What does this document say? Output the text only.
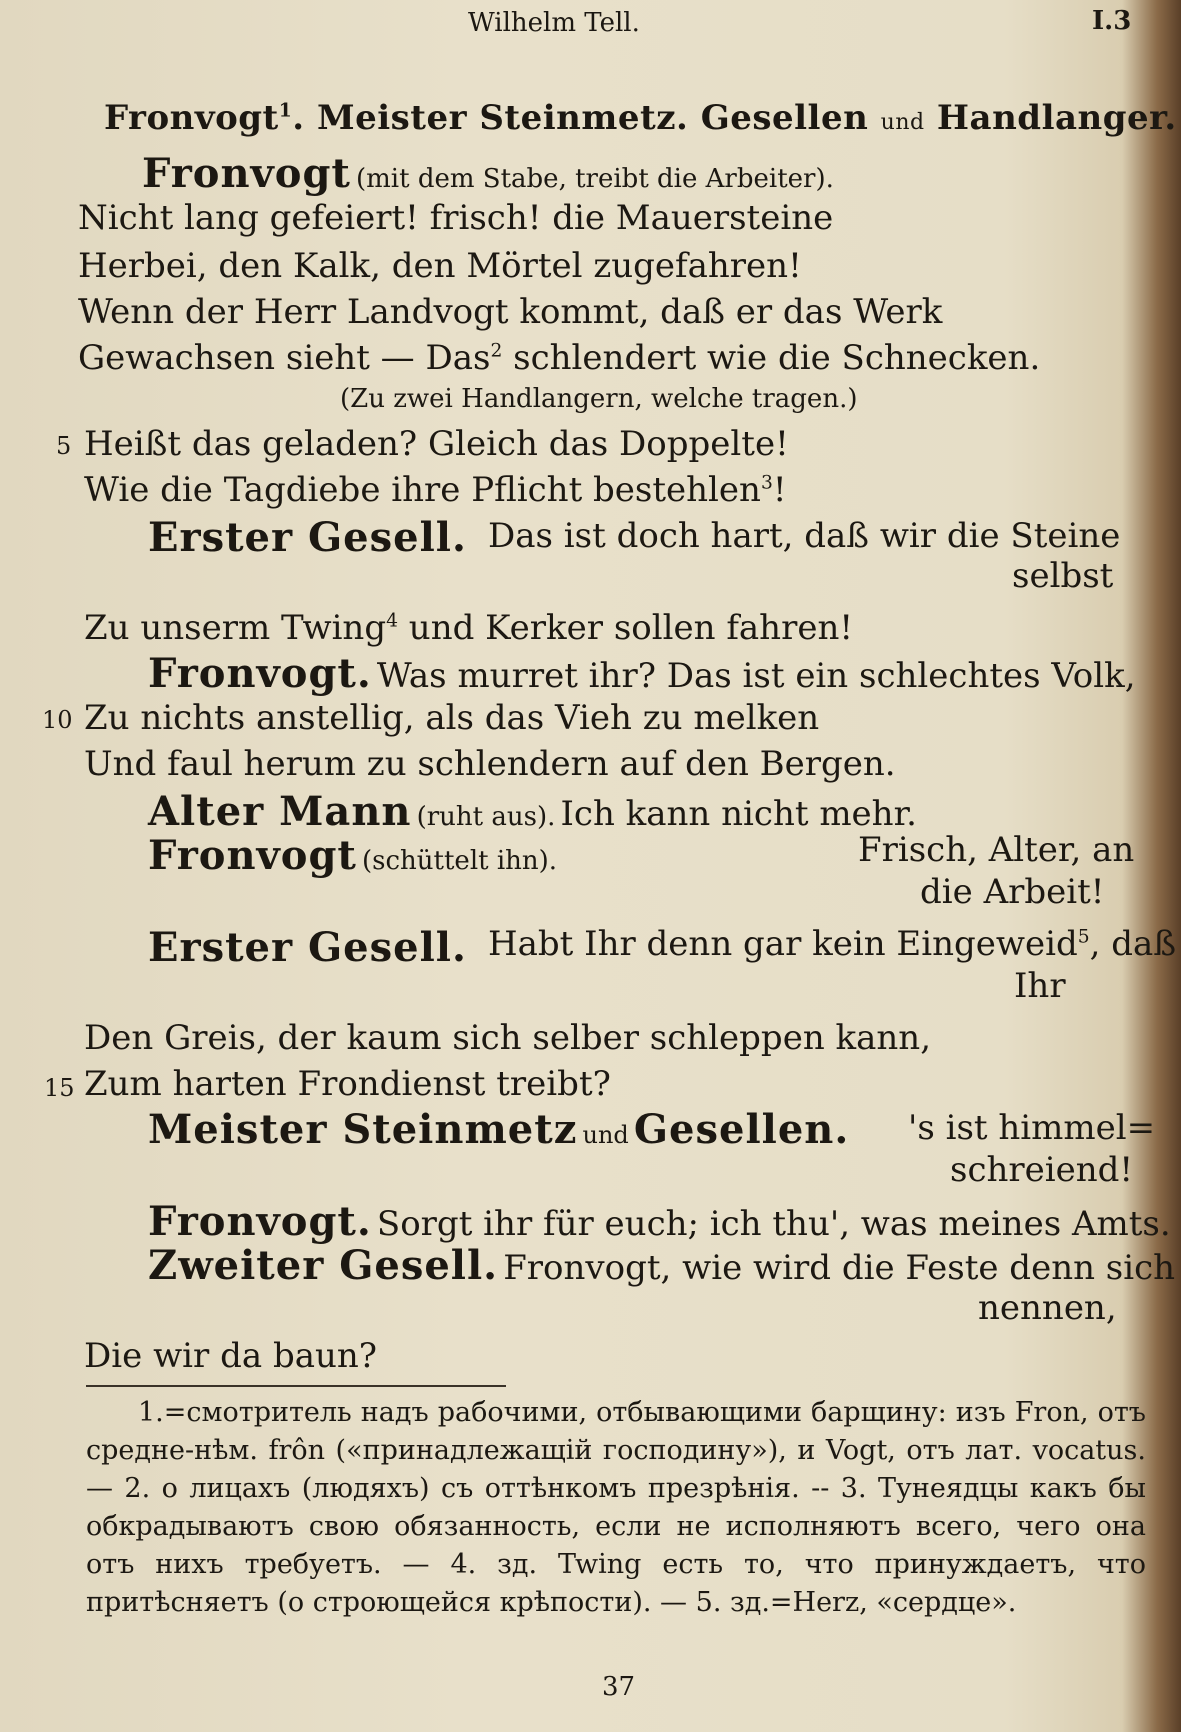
Wilhelm Tell.	I.3
Fronvogt$^1$. Meister Steinmetz. Gesellen und Handlanger.
Fronvogt (mit dem Stabe, treibt die Arbeiter).
Nicht lang gefeiert! frisch! die Mauersteine
Herbei, den Kalk, den Mörtel zugefahren!
Wenn der Herr Landvogt kommt, daß er das Werk
Gewachsen sieht — Das$^2$ schlendert wie die Schnecken.
(Zu zwei Handlangern, welche tragen.)
5 Heißt das geladen? Gleich das Doppelte!
Wie die Tagdiebe ihre Pflicht bestehlen$^3$!
Erster Gesell. Das ist doch hart, daß wir die Steine
selbst
Zu unserm Twing$^4$ und Kerker sollen fahren!
Fronvogt. Was murret ihr? Das ist ein schlechtes Volk,
10 Zu nichts anstellig, als das Vieh zu melken
Und faul herum zu schlendern auf den Bergen.
Alter Mann (ruht aus). Ich kann nicht mehr.
Fronvogt (schüttelt ihn).	Frisch, Alter, an
die Arbeit!
Erster Gesell. Habt Ihr denn gar kein Eingeweid$^5$, daß
Ihr
Den Greis, der kaum sich selber schleppen kann,
15 Zum harten Frondienst treibt?
Meister Steinmetz und Gesellen. 's ist himmel=
schreiend!
Fronvogt. Sorgt ihr für euch; ich thu', was meines Amts.
Zweiter Gesell. Fronvogt, wie wird die Feste denn sich
nennen,
Die wir da baun?

1.=смотритель надъ рабочими, отбывающими барщину: изъ Fron, отъ средне-нѣм. frôn («принадлежащій господину»), и Vogt, отъ лат. vocatus. — 2. о лицахъ (людяхъ) съ оттѣнкомъ презрѣнія. -- 3. Тунеядцы какъ бы обкрадываютъ свою обязанность, если не исполняютъ всего, чего она отъ нихъ требуетъ. — 4. зд. Twing есть то, что принуждаетъ, что притѣсняетъ (о строющейся крѣпости). — 5. зд.=Herz, «сердце».

37
